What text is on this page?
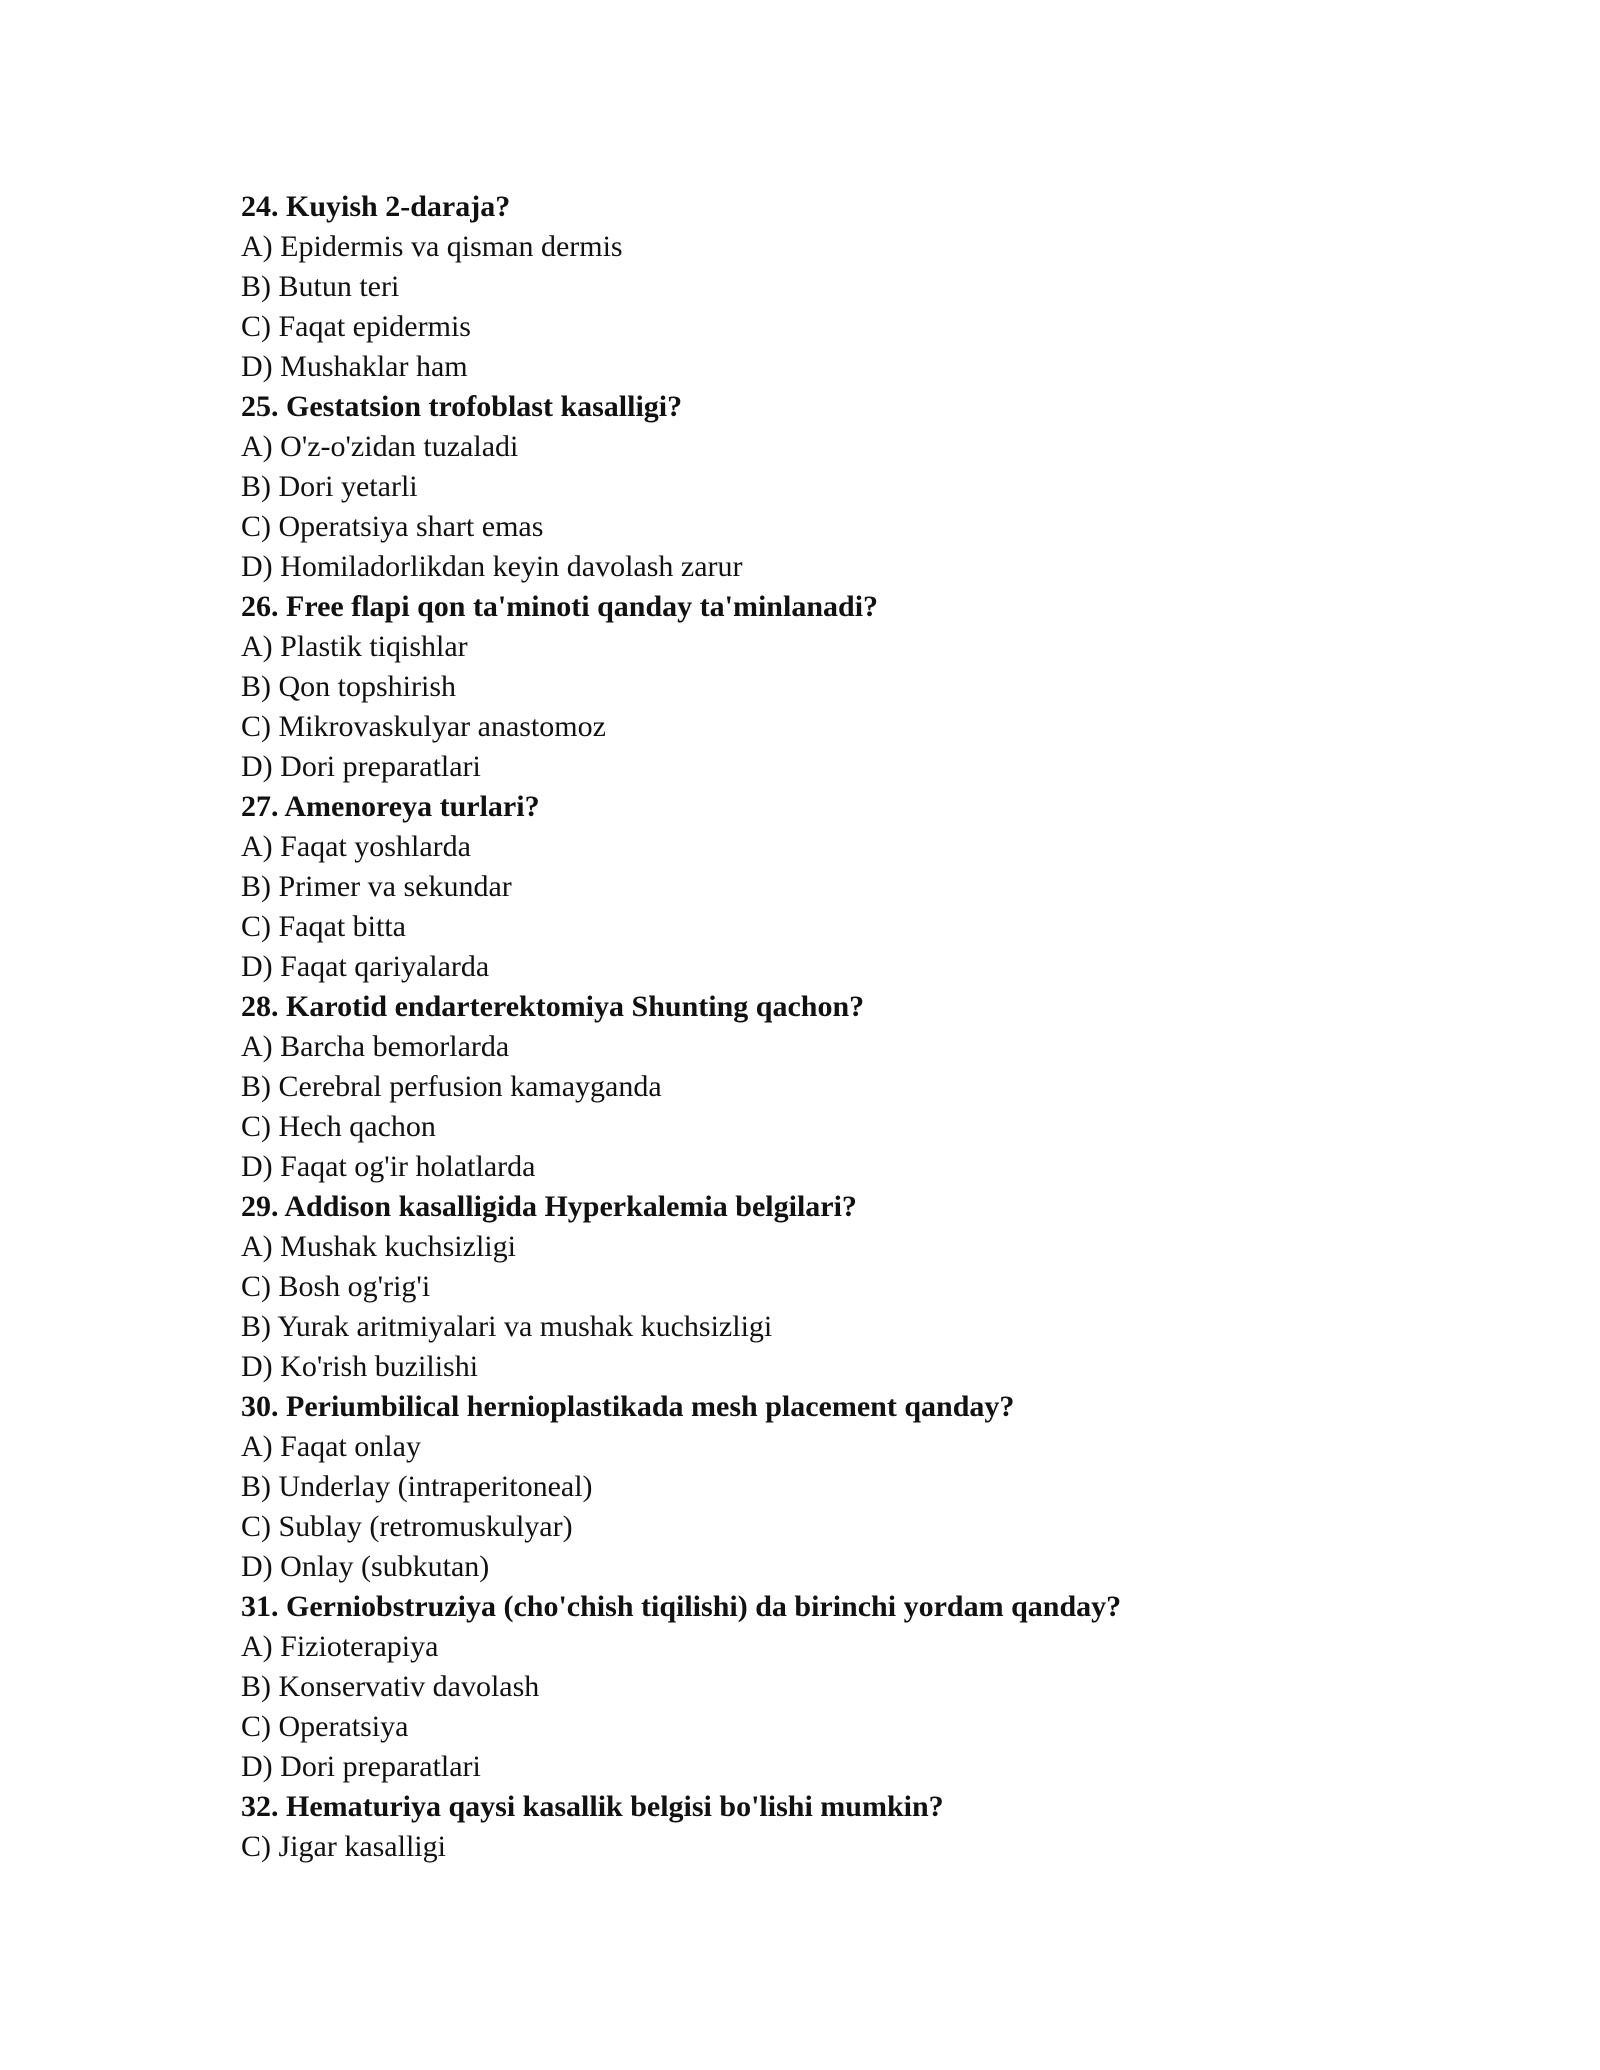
24. Kuyish 2-daraja?
A) Epidermis va qisman dermis
B) Butun teri
C) Faqat epidermis
D) Mushaklar ham
25. Gestatsion trofoblast kasalligi?
A) O'z-o'zidan tuzaladi
B) Dori yetarli
C) Operatsiya shart emas
D) Homiladorlikdan keyin davolash zarur
26. Free flapi qon ta'minoti qanday ta'minlanadi?
A) Plastik tiqishlar
B) Qon topshirish
C) Mikrovaskulyar anastomoz
D) Dori preparatlari
27. Amenoreya turlari?
A) Faqat yoshlarda
B) Primer va sekundar
C) Faqat bitta
D) Faqat qariyalarda
28. Karotid endarterektomiya Shunting qachon?
A) Barcha bemorlarda
B) Cerebral perfusion kamayganda
C) Hech qachon
D) Faqat og'ir holatlarda
29. Addison kasalligida Hyperkalemia belgilari?
A) Mushak kuchsizligi
C) Bosh og'rig'i
B) Yurak aritmiyalari va mushak kuchsizligi
D) Ko'rish buzilishi
30. Periumbilical hernioplastikada mesh placement qanday?
A) Faqat onlay
B) Underlay (intraperitoneal)
C) Sublay (retromuskulyar)
D) Onlay (subkutan)
31. Gerniobstruziya (cho'chish tiqilishi) da birinchi yordam qanday?
A) Fizioterapiya
B) Konservativ davolash
C) Operatsiya
D) Dori preparatlari
32. Hematuriya qaysi kasallik belgisi bo'lishi mumkin?
C) Jigar kasalligi
